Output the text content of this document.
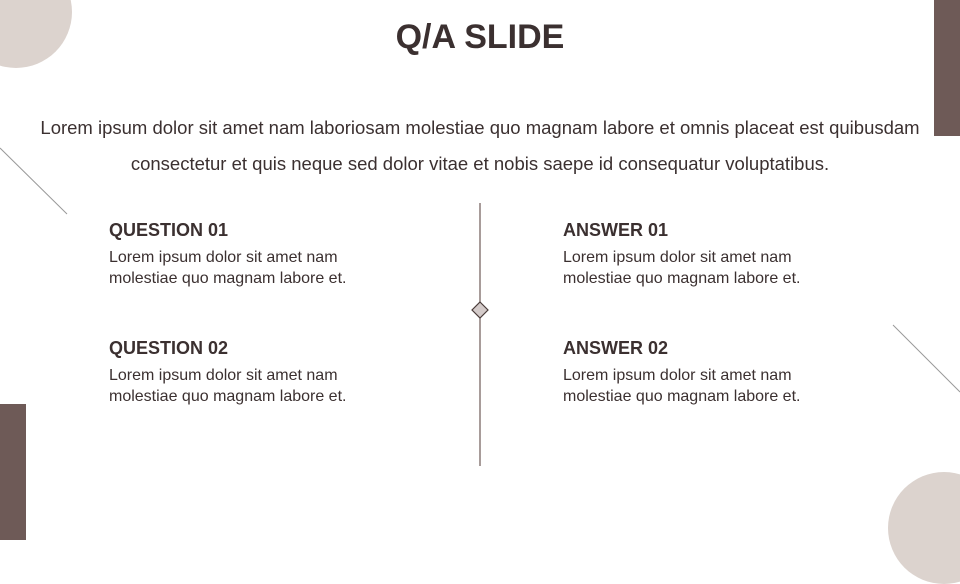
Q/A SLIDE
Lorem ipsum dolor sit amet nam laboriosam molestiae quo magnam labore et omnis placeat est quibusdam consectetur et quis neque sed dolor vitae et nobis saepe id consequatur voluptatibus.
QUESTION 01
Lorem ipsum dolor sit amet nam molestiae quo magnam labore et.
ANSWER 01
Lorem ipsum dolor sit amet nam molestiae quo magnam labore et.
QUESTION 02
Lorem ipsum dolor sit amet nam molestiae quo magnam labore et.
ANSWER 02
Lorem ipsum dolor sit amet nam molestiae quo magnam labore et.
